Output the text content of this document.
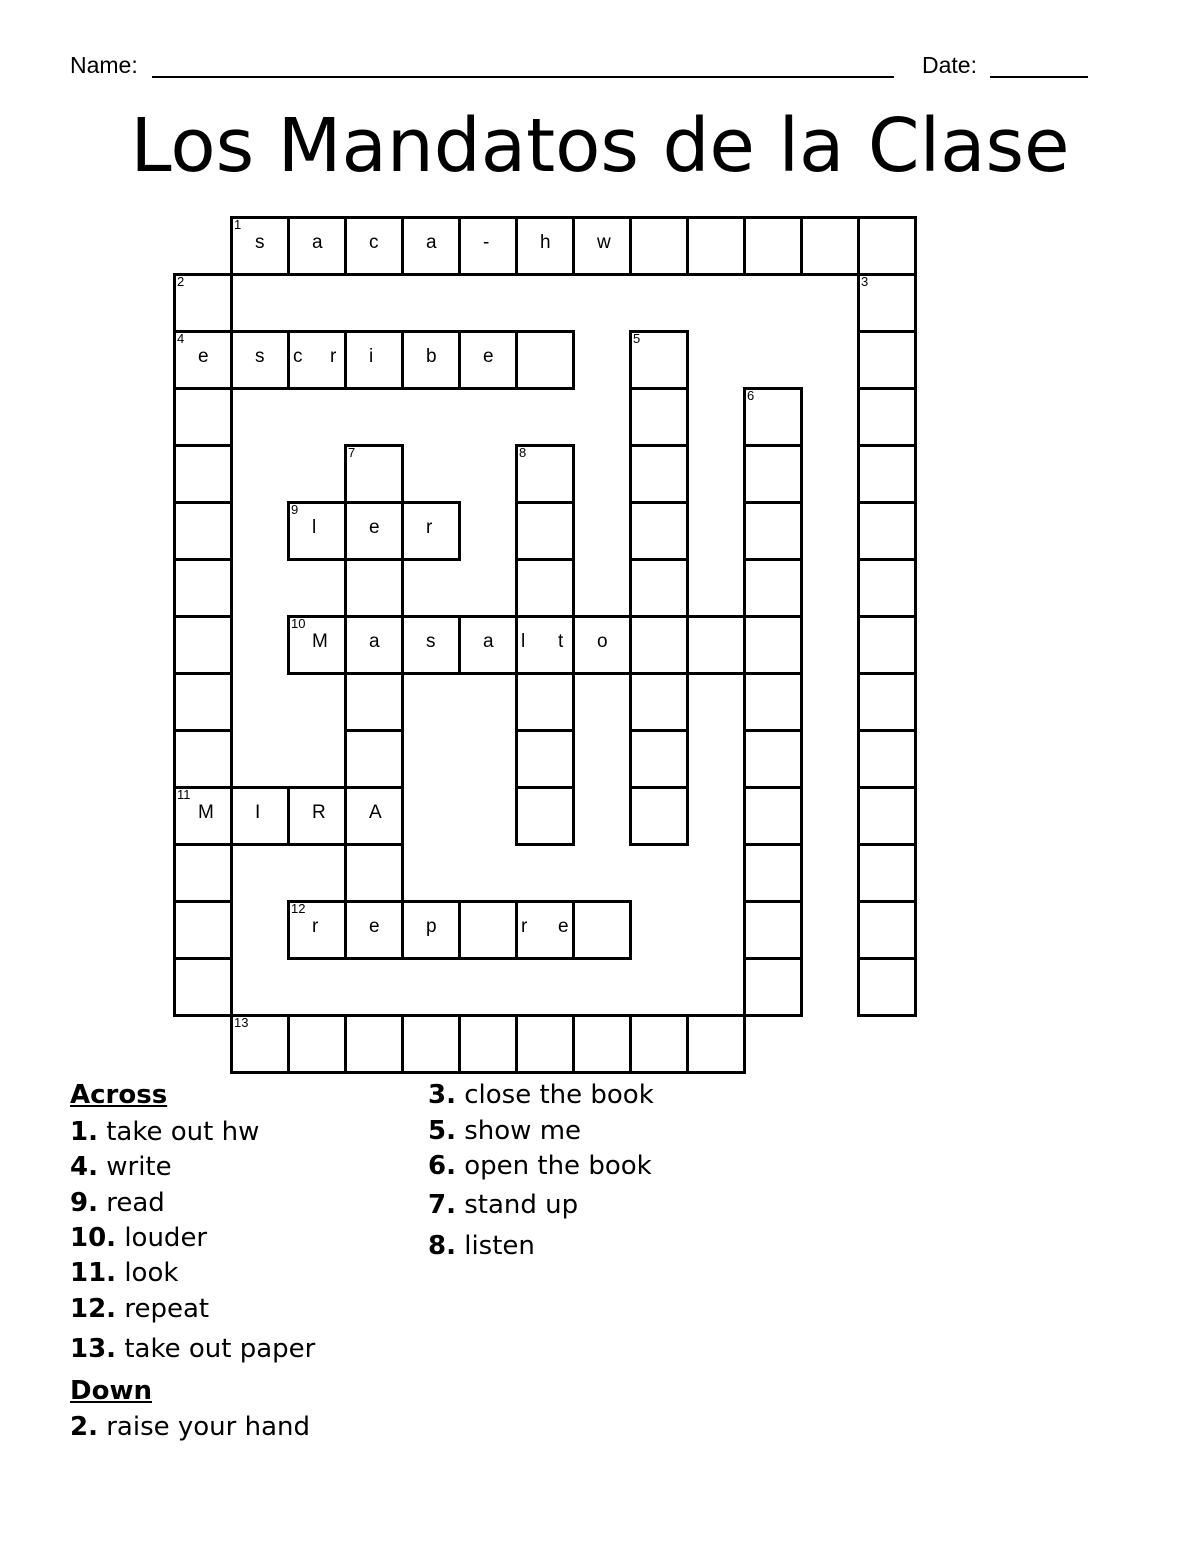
Name:	Date:
Los Mandatos de la Clase
1
s	a c	a -	h w
2
4
e
11
M
3
s c r i	b e
5
6
7
e
a
A
8
l t
9
l	r
10
M	s	a	o
I	R
12
r	e p	r e
13
Across
1. take out hw
4. write
9. read
10. louder
11. look
12. repeat
13. take out paper
Down
2. raise your hand
3. close the book
5. show me
6. open the book
7. stand up
8. listen
